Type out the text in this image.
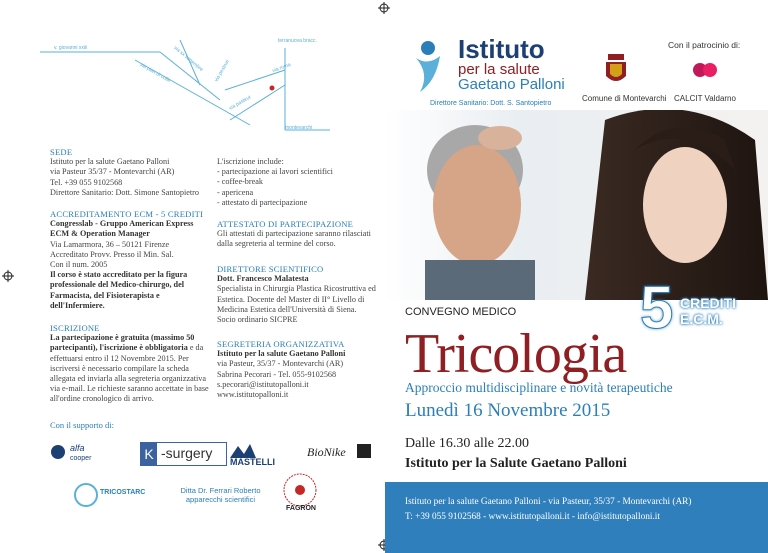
v. giovanni xxiii
terranuova bracc.
via pian di colle
via xx settembre via pestruri	via roma
via pasteur
montevarchi
SEDE
Istituto per la salute Gaetano Palloni
via Pasteur 35/37 - Montevarchi (AR)
Tel. +39 055 9102568
Direttore Sanitario: Dott. Simone Santopietro
L'iscrizione include:
- partecipazione ai lavori scientifici
- coffee-break
- apericena
- attestato di partecipazione
ACCREDITAMENTO ECM - 5 CREDITI
Congresslab - Gruppo American Express
ECM & Operation Manager
Via Lamarmora, 36 – 50121 Firenze
Accreditato Provv. Presso il Min. Sal.
Con il num. 2005
Il corso è stato accreditato per la figura professionale del Medico-chirurgo, del Farmacista, del Fisioterapista e dell'Infermiere.
ATTESTATO DI PARTECIPAZIONE
Gli attestati di partecipazione saranno rilasciati dalla segreteria al termine del corso.
DIRETTORE SCIENTIFICO
Dott. Francesco Malatesta
Specialista in Chirurgia Plastica Ricostruttiva ed Estetica. Docente del Master di II° Livello di Medicina Estetica dell'Università di Siena. Socio ordinario SICPRE
ISCRIZIONE
La partecipazione è gratuita (massimo 50 partecipanti), l'iscrizione è obbligatoria e da effettuarsi entro il 12 Novembre 2015. Per iscriversi è necessario compilare la scheda allegata ed inviarla alla segreteria organizzativa via e-mail. Le richieste saranno accettate in base all'ordine cronologico di arrivo.
SEGRETERIA ORGANIZZATIVA
Istituto per la salute Gaetano Palloni
via Pasteur, 35/37 - Montevarchi (AR)
Sabrina Pecorari - Tel. 055-9102568
s.pecorari@istitutopalloni.it
www.istitutopalloni.it
Con il supporto di:
alfa
cooper	K -surgery
MASTELLI
BioNike
TRICOSTARC	Ditta Dr. Ferrari Roberto
apparecchi scientifici
FAGRON
Istituto
per la salute
Gaetano Palloni
Direttore Sanitario: Dott. S. Santopietro
Con il patrocinio di:
Comune di Montevarchi CALCIT Valdarno
5 CREDITI
E.C.M.
CONVEGNO MEDICO
Tricologia
Approccio multidisciplinare e novità terapeutiche
Lunedì 16 Novembre 2015
Dalle 16.30 alle 22.00
Istituto per la Salute Gaetano Palloni
Istituto per la salute Gaetano Palloni - via Pasteur, 35/37 - Montevarchi (AR)
T: +39 055 9102568 - www.istitutopalloni.it - info@istitutopalloni.it
